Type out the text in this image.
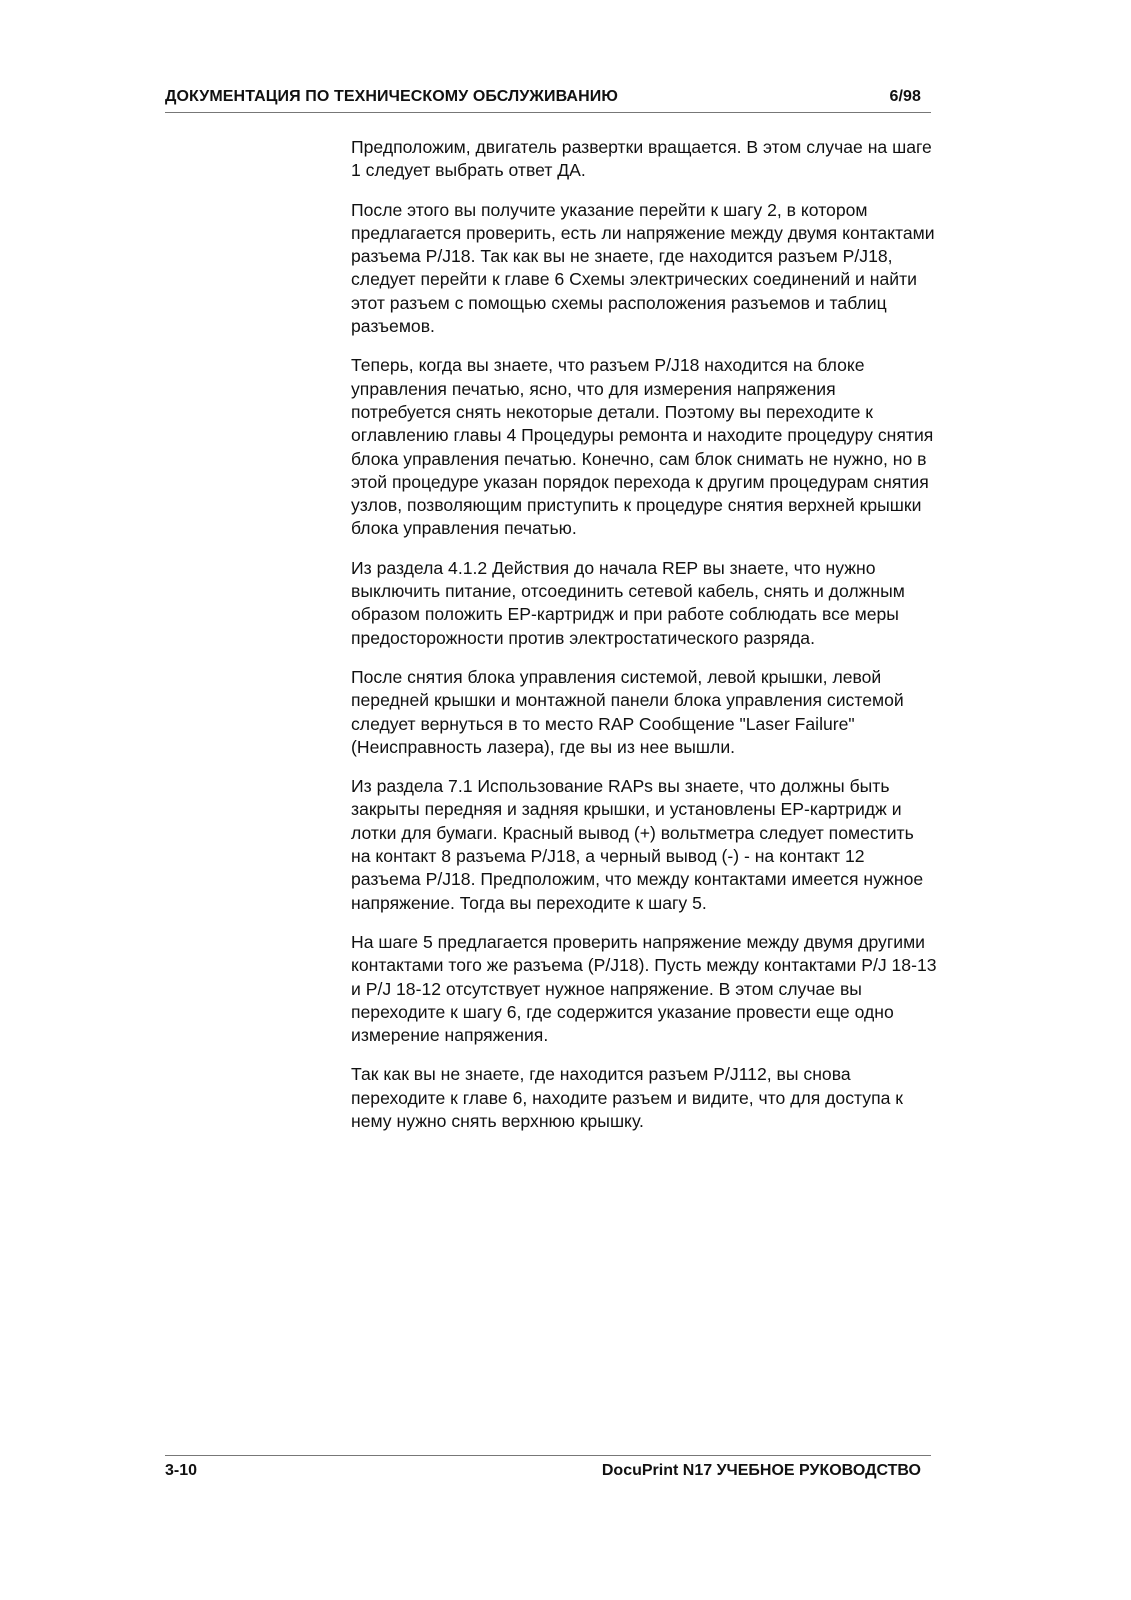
ДОКУМЕНТАЦИЯ ПО ТЕХНИЧЕСКОМУ ОБСЛУЖИВАНИЮ	6/98

Предположим, двигатель развертки вращается. В этом случае на шаге 1 следует выбрать ответ ДА.

После этого вы получите указание перейти к шагу 2, в котором предлагается проверить, есть ли напряжение между двумя контактами разъема P/J18. Так как вы не знаете, где находится разъем P/J18, следует перейти к главе 6 Схемы электрических соединений и найти этот разъем с помощью схемы расположения разъемов и таблиц разъемов.

Теперь, когда вы знаете, что разъем P/J18 находится на блоке управления печатью, ясно, что для измерения напряжения потребуется снять некоторые детали. Поэтому вы переходите к оглавлению главы 4 Процедуры ремонта и находите процедуру снятия блока управления печатью. Конечно, сам блок снимать не нужно, но в этой процедуре указан порядок перехода к другим процедурам снятия узлов, позволяющим приступить к процедуре снятия верхней крышки блока управления печатью.

Из раздела 4.1.2 Действия до начала REP вы знаете, что нужно выключить питание, отсоединить сетевой кабель, снять и должным образом положить EP-картридж и при работе соблюдать все меры предосторожности против электростатического разряда.

После снятия блока управления системой, левой крышки, левой передней крышки и монтажной панели блока управления системой следует вернуться в то место RAP Сообщение "Laser Failure" (Неисправность лазера), где вы из нее вышли.

Из раздела 7.1 Использование RAPs вы знаете, что должны быть закрыты передняя и задняя крышки, и установлены EP-картридж и лотки для бумаги. Красный вывод (+) вольтметра следует поместить на контакт 8 разъема P/J18, а черный вывод (-) - на контакт 12 разъема P/J18. Предположим, что между контактами имеется нужное напряжение. Тогда вы переходите к шагу 5.

На шаге 5 предлагается проверить напряжение между двумя другими контактами того же разъема (P/J18). Пусть между контактами P/J 18-13 и P/J 18-12 отсутствует нужное напряжение. В этом случае вы переходите к шагу 6, где содержится указание провести еще одно измерение напряжения.

Так как вы не знаете, где находится разъем P/J112, вы снова переходите к главе 6, находите разъем и видите, что для доступа к нему нужно снять верхнюю крышку.

3-10	DocuPrint N17 УЧЕБНОЕ РУКОВОДСТВО
